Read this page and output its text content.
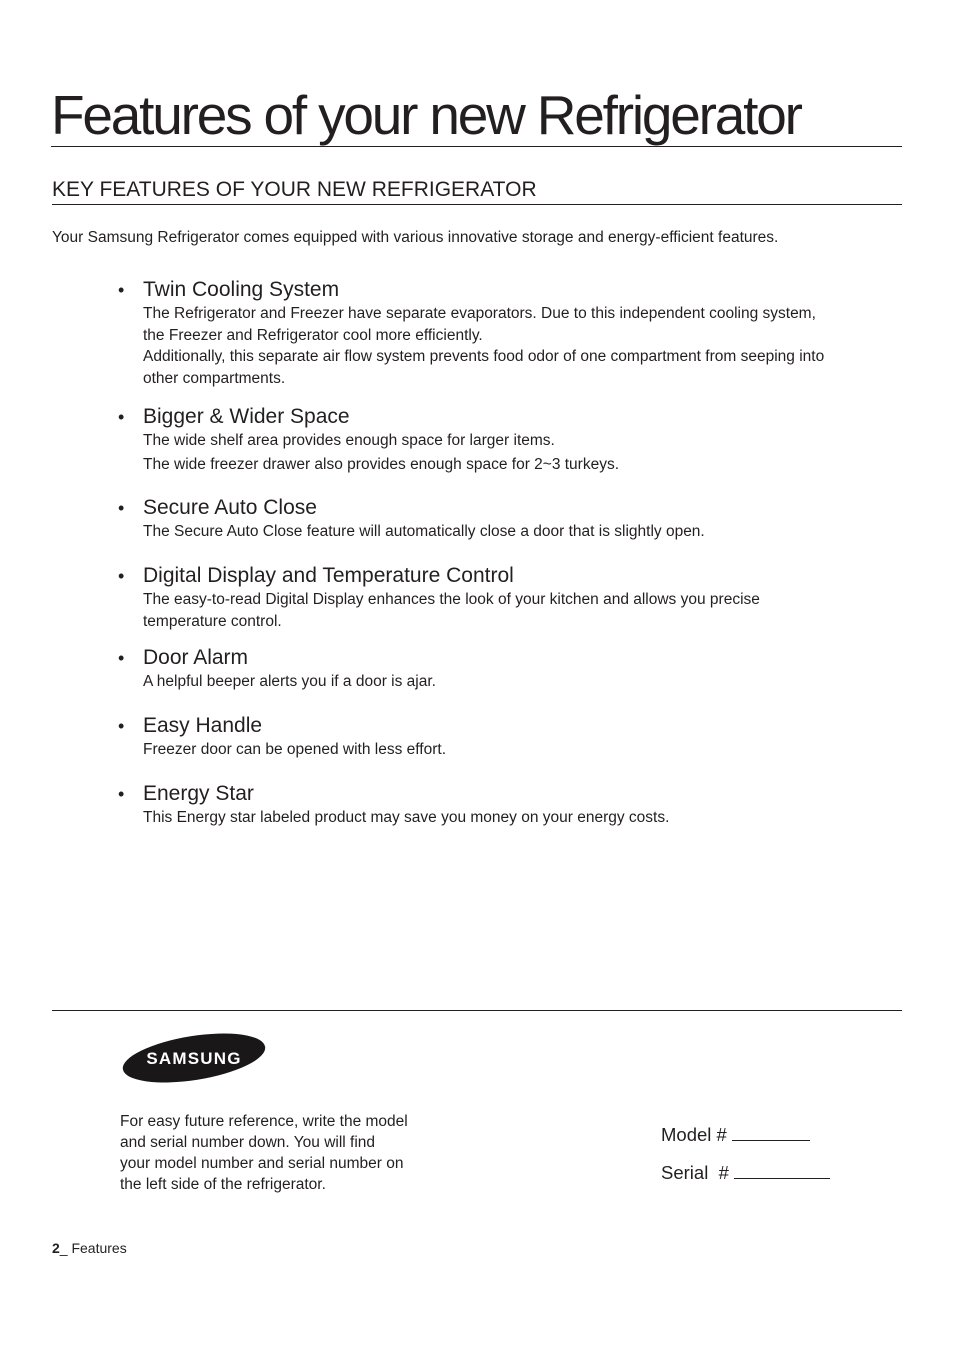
Features of your new Refrigerator
KEY FEATURES OF YOUR NEW REFRIGERATOR
Your Samsung Refrigerator comes equipped with various innovative storage and energy-efficient features.
• Twin Cooling System

The Refrigerator and Freezer have separate evaporators. Due to this independent cooling system,

the Freezer and Refrigerator cool more efficiently.

Additionally, this separate air flow system prevents food odor of one compartment from seeping into

other compartments.

• Bigger & Wider Space

The wide shelf area provides enough space for larger items.

The wide freezer drawer also provides enough space for 2~3 turkeys.

• Secure Auto Close

The Secure Auto Close feature will automatically close a door that is slightly open.

• Digital Display and Temperature Control

The easy-to-read Digital Display enhances the look of your kitchen and allows you precise

temperature control.

• Door Alarm

A helpful beeper alerts you if a door is ajar.

• Easy Handle

Freezer door can be opened with less effort.

• Energy Star

This Energy star labeled product may save you money on your energy costs.

SAMSUNG

For easy future reference, write the model

and serial number down. You will find

your model number and serial number on

the left side of the refrigerator.

Model #
Serial  #
2_ Features
